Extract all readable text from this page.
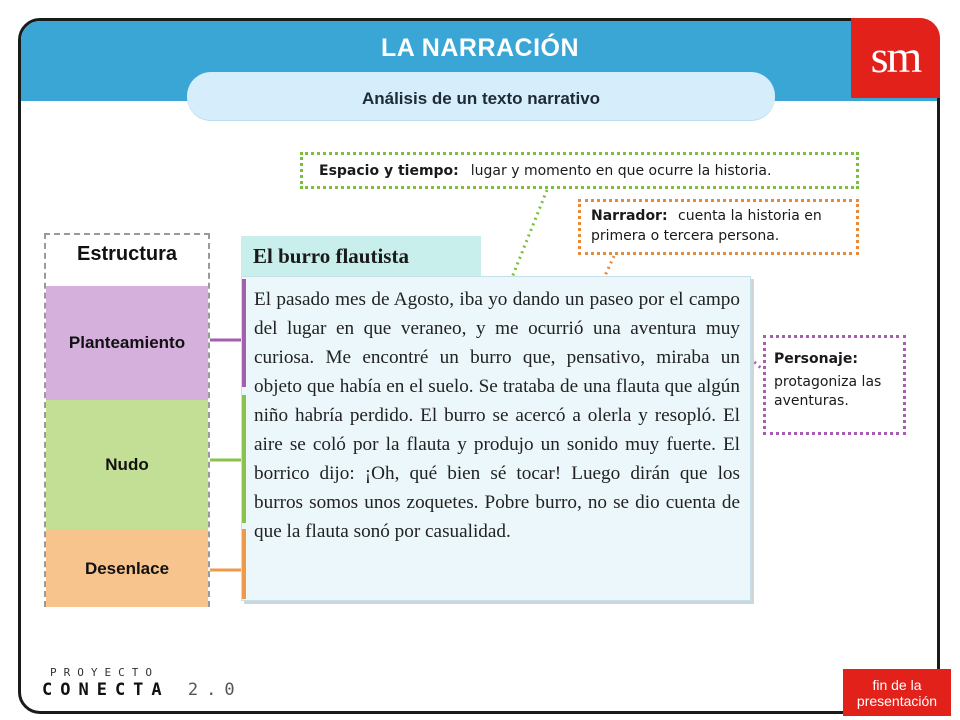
LA NARRACIÓN
Análisis de un texto narrativo
sm
Espacio y tiempo: lugar y momento en que ocurre la historia.
Narrador: cuenta la historia en primera o tercera persona.
Personaje:
protagoniza las aventuras.
Estructura
Planteamiento
Nudo
Desenlace
El burro flautista
El pasado mes de Agosto, iba yo dando un paseo por el campo del lugar en que veraneo, y me ocurrió una aventura muy curiosa. Me encontré un burro que, pensativo, miraba un objeto que había en el suelo. Se trataba de una flauta que algún niño habría perdido. El burro se acercó a olerla y resopló. El aire se coló por la flauta y produjo un sonido muy fuerte. El borrico dijo: ¡Oh, qué bien sé tocar! Luego dirán que los burros somos unos zoquetes. Pobre burro, no se dio cuenta de que la flauta sonó por casualidad.
PROYECTO
CONECTA 2.0	fin de la presentación
